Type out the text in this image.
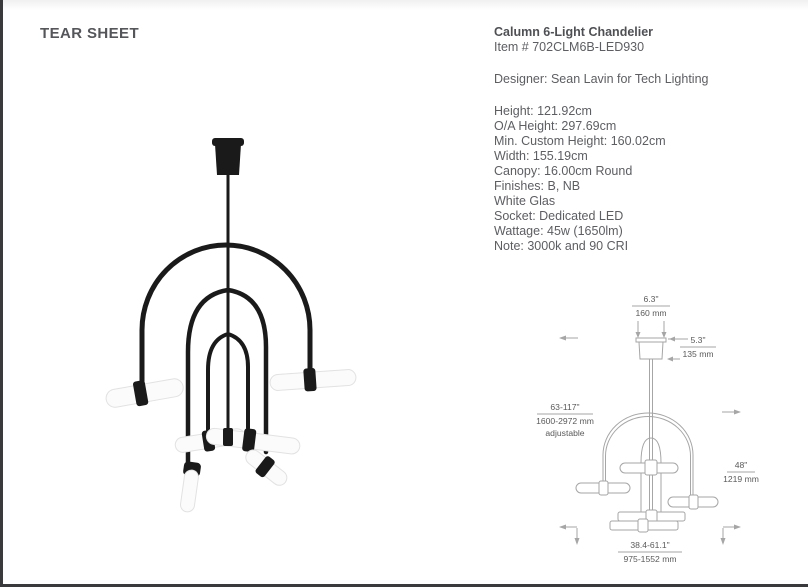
TEAR SHEET	Calumn 6-Light Chandelier
Item # 702CLM6B-LED930
Designer: Sean Lavin for Tech Lighting
Height: 121.92cm
O/A Height: 297.69cm
Min. Custom Height: 160.02cm
Width: 155.19cm
Canopy: 16.00cm Round
Finishes: B, NB
White Glas
Socket: Dedicated LED
Wattage: 45w (1650lm)
Note: 3000k and 90 CRI
6.3"
160 mm
5.3"
135 mm
63-117"
1600-2972 mm
adjustable
48"
1219 mm
38.4-61.1"
975-1552 mm
